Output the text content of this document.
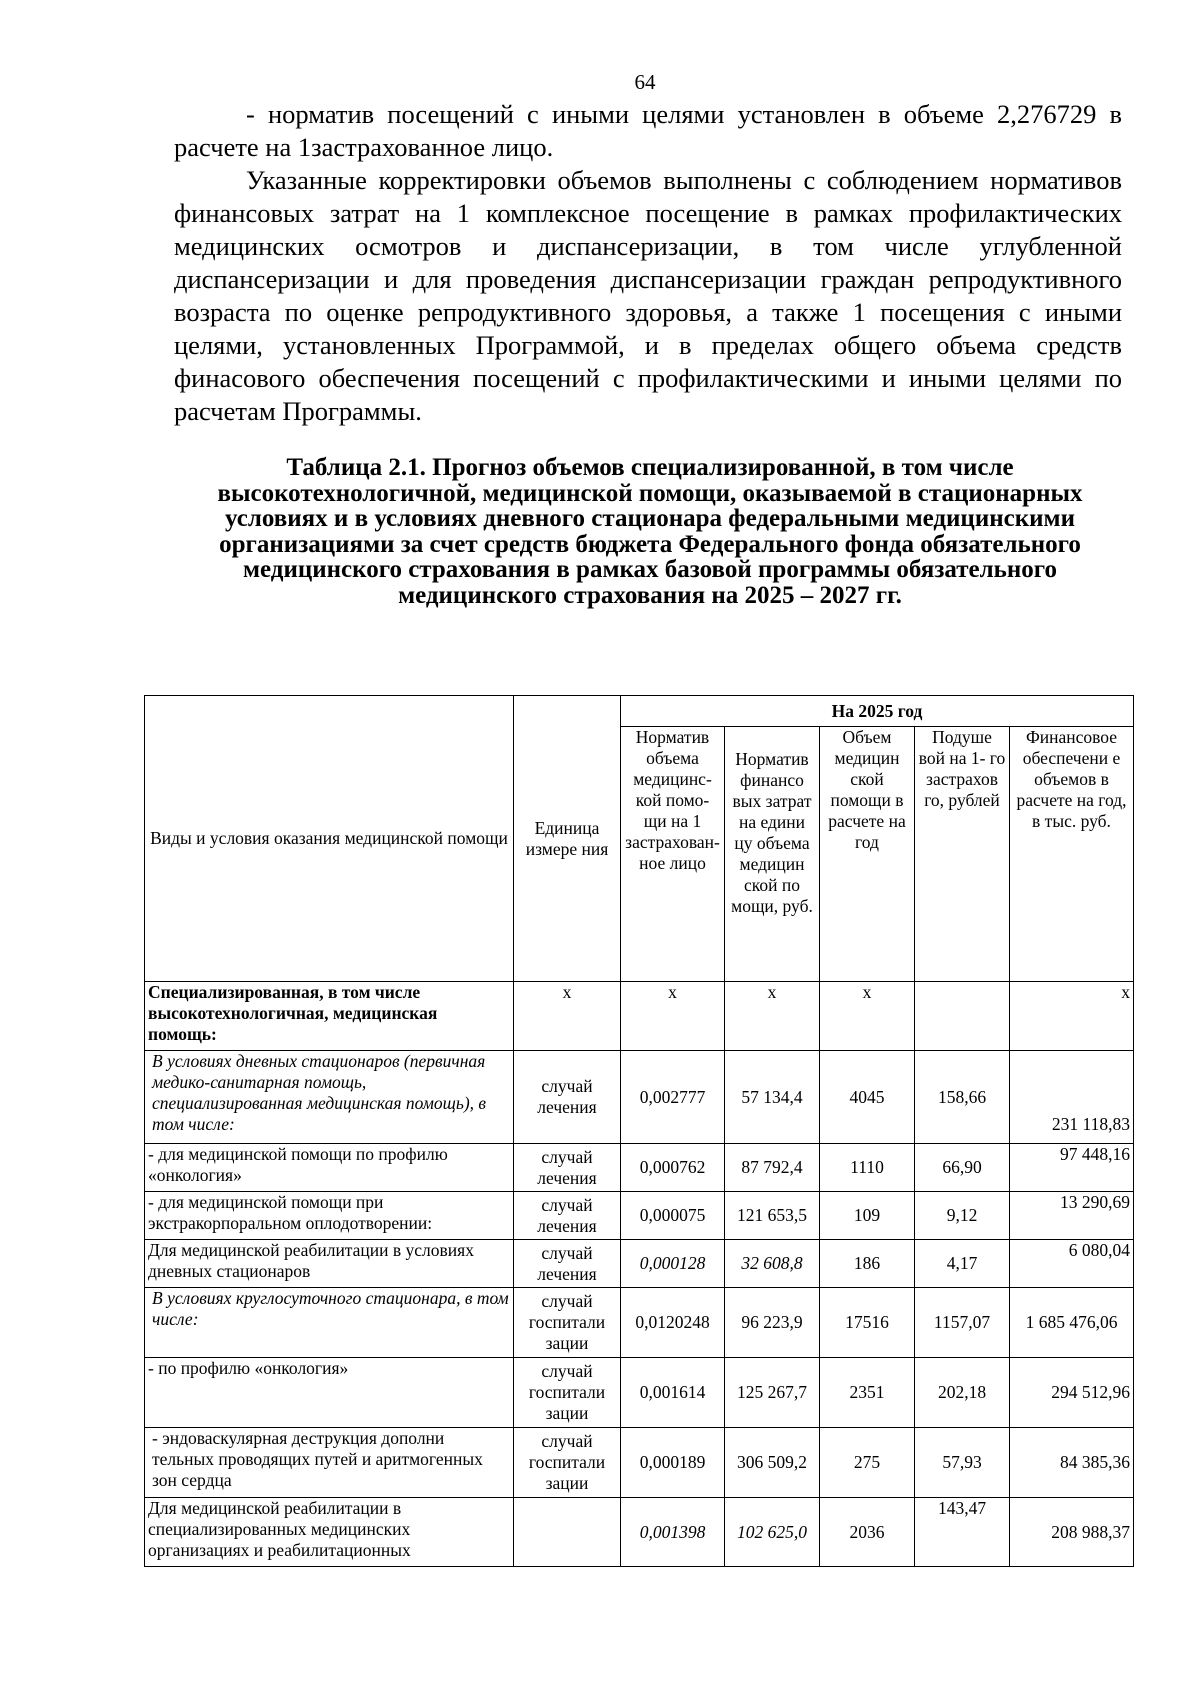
64

- норматив посещений с иными целями установлен в объеме 2,276729 в расчете на 1застрахованное лицо.

Указанные корректировки объемов выполнены с соблюдением нормативов финансовых затрат на 1 комплексное посещение в рамках профилактических медицинских осмотров и диспансеризации, в том числе углубленной диспансеризации и для проведения диспансеризации граждан репродуктивного возраста по оценке репродуктивного здоровья, а также 1 посещения с иными целями, установленных Программой, и в пределах общего объема средств финасового обеспечения посещений с профилактическими и иными целями по расчетам Программы.

Таблица 2.1. Прогноз объемов специализированной, в том числе высокотехнологичной, медицинской помощи, оказываемой в стационарных условиях и в условиях дневного стационара федеральными медицинскими организациями за счет средств бюджета Федерального фонда обязательного медицинского страхования в рамках базовой программы обязательного медицинского страхования на 2025 – 2027 гг.
Виды и условия оказания медицинской помощи	Единица измере ния	На 2025 год				
		Норматив объема медицинс- кой помо- щи на 1 застрахован- ное лицо	Норматив финансо вых затрат на едини цу объема медицин ской по мощи, руб.	Объем медицин ской помощи в расчете на год	Подуше вой на 1- го застрахов го, рублей	Финансовое обеспечени е объемов в расчете на год, в тыс. руб.
Специализированная, в том числе высокотехнологичная, медицинская помощь:	х	х	х	х		х
В условиях дневных стационаров (первичная медико-санитарная помощь, специализированная медицинская помощь), в том числе:	случай лечения	0,002777	57 134,4	4045	158,66	231 118,83
- для медицинской помощи по профилю «онкология»	случай лечения	0,000762	87 792,4	1110	66,90	97 448,16
- для медицинской помощи при экстракорпоральном оплодотворении:	случай лечения	0,000075	121 653,5	109	9,12	13 290,69
Для медицинской реабилитации в условиях дневных стационаров	случай лечения	0,000128	32 608,8	186	4,17	6 080,04
В условиях круглосуточного стационара, в том числе:	случай госпитали зации	0,0120248	96 223,9	17516	1157,07	1 685 476,06
- по профилю «онкология»	случай госпитали зации	0,001614	125 267,7	2351	202,18	294 512,96
- эндоваскулярная деструкция дополни тельных проводящих путей и аритмогенных зон сердца	случай госпитали зации	0,000189	306 509,2	275	57,93	84 385,36
Для медицинской реабилитации в специализированных медицинских организациях и реабилитационных		0,001398	102 625,0	2036	143,47	208 988,37
